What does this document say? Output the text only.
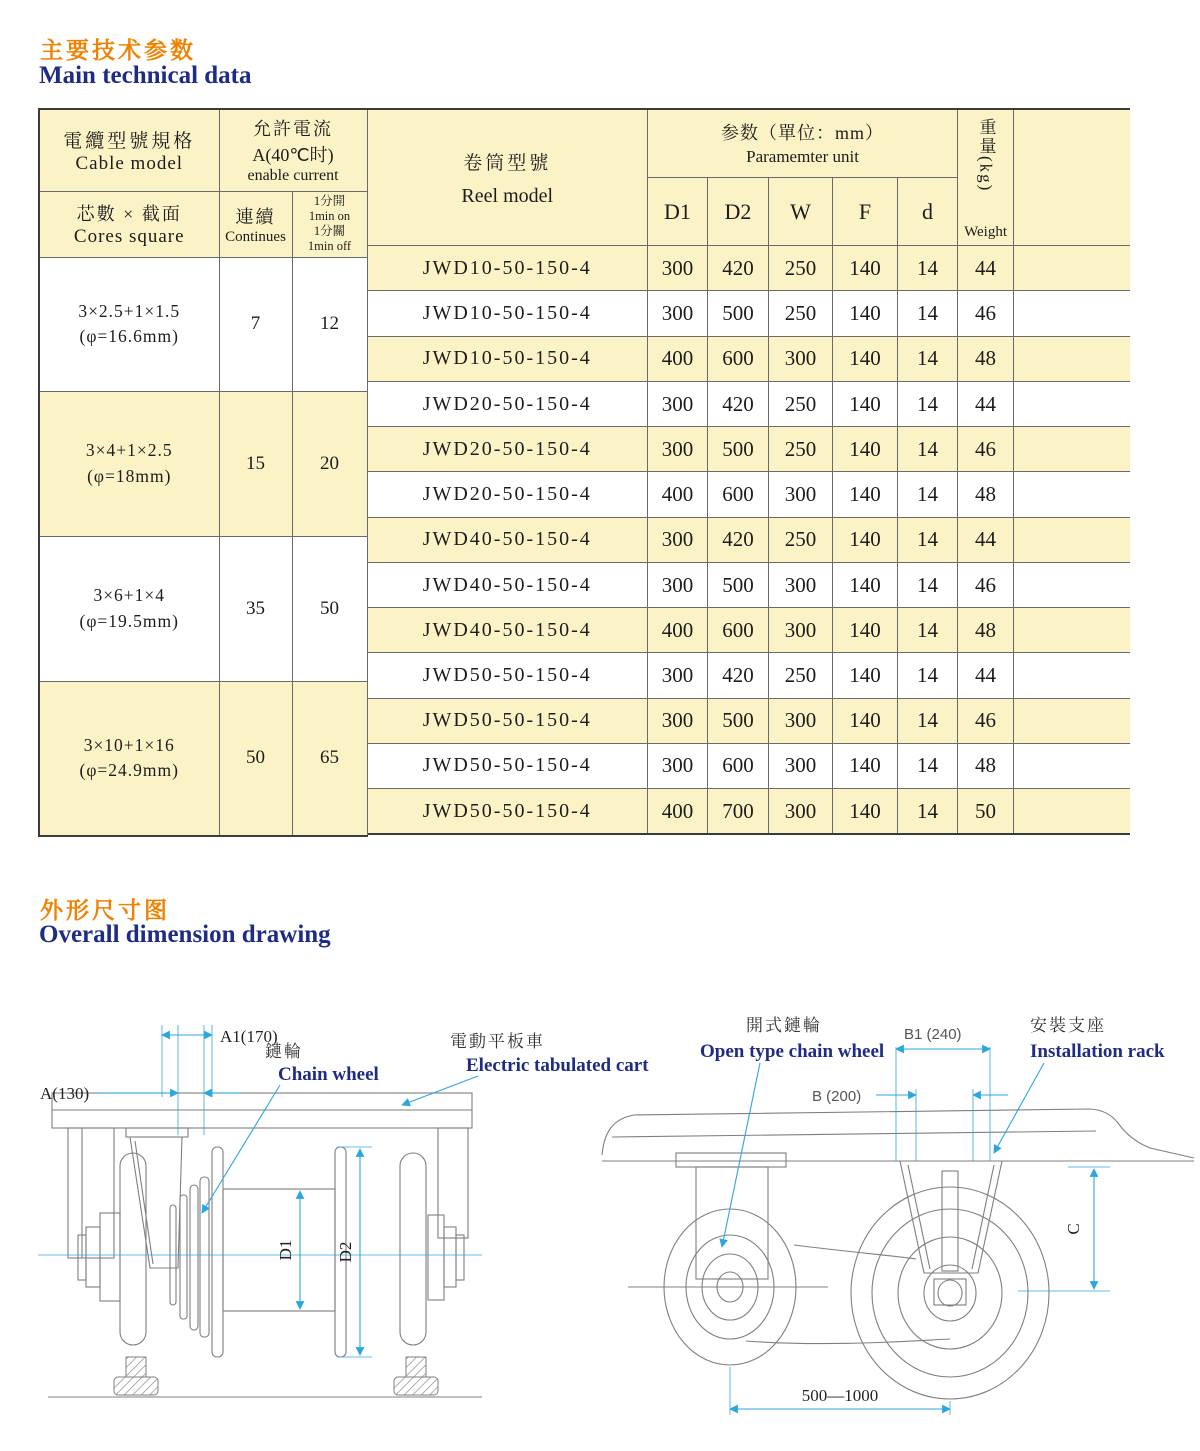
主要技术参数
Main technical data
電纜型號規格
Cable model

允許電流
A(40℃时)
enable current

芯數 × 截面
Cores square

連續
Continues

1分開
1min on
1分關
1min off

3×2.5+1×1.5
(φ=16.6mm)	7	12

3×4+1×2.5
(φ=18mm)	15	20

3×6+1×4
(φ=19.5mm)	35	50

3×10+1×16
(φ=24.9mm)	50	65
卷筒型號
Reel model

参数（單位：mm）
Paramemter unit

重量(kg)
Weight

	D1	D2	W	F	d		
JWD10-50-150-4	300	420	250	140	14	44	
JWD10-50-150-4	300	500	250	140	14	46	
JWD10-50-150-4	400	600	300	140	14	48	
JWD20-50-150-4	300	420	250	140	14	44	
JWD20-50-150-4	300	500	250	140	14	46	
JWD20-50-150-4	400	600	300	140	14	48	
JWD40-50-150-4	300	420	250	140	14	44	
JWD40-50-150-4	300	500	300	140	14	46	
JWD40-50-150-4	400	600	300	140	14	48	
JWD50-50-150-4	300	420	250	140	14	44	
JWD50-50-150-4	300	500	300	140	14	46	
JWD50-50-150-4	300	600	300	140	14	48	
JWD50-50-150-4	400	700	300	140	14	50	
外形尺寸图
Overall dimension drawing
A1(170)
A(130)
D1 D2
鏈輪
Chain wheel
電動平板車
Electric tabulated cart
B1 (240)
B (200)
C
500—1000
開式鏈輪
Open type chain wheel
安裝支座
Installation rack
